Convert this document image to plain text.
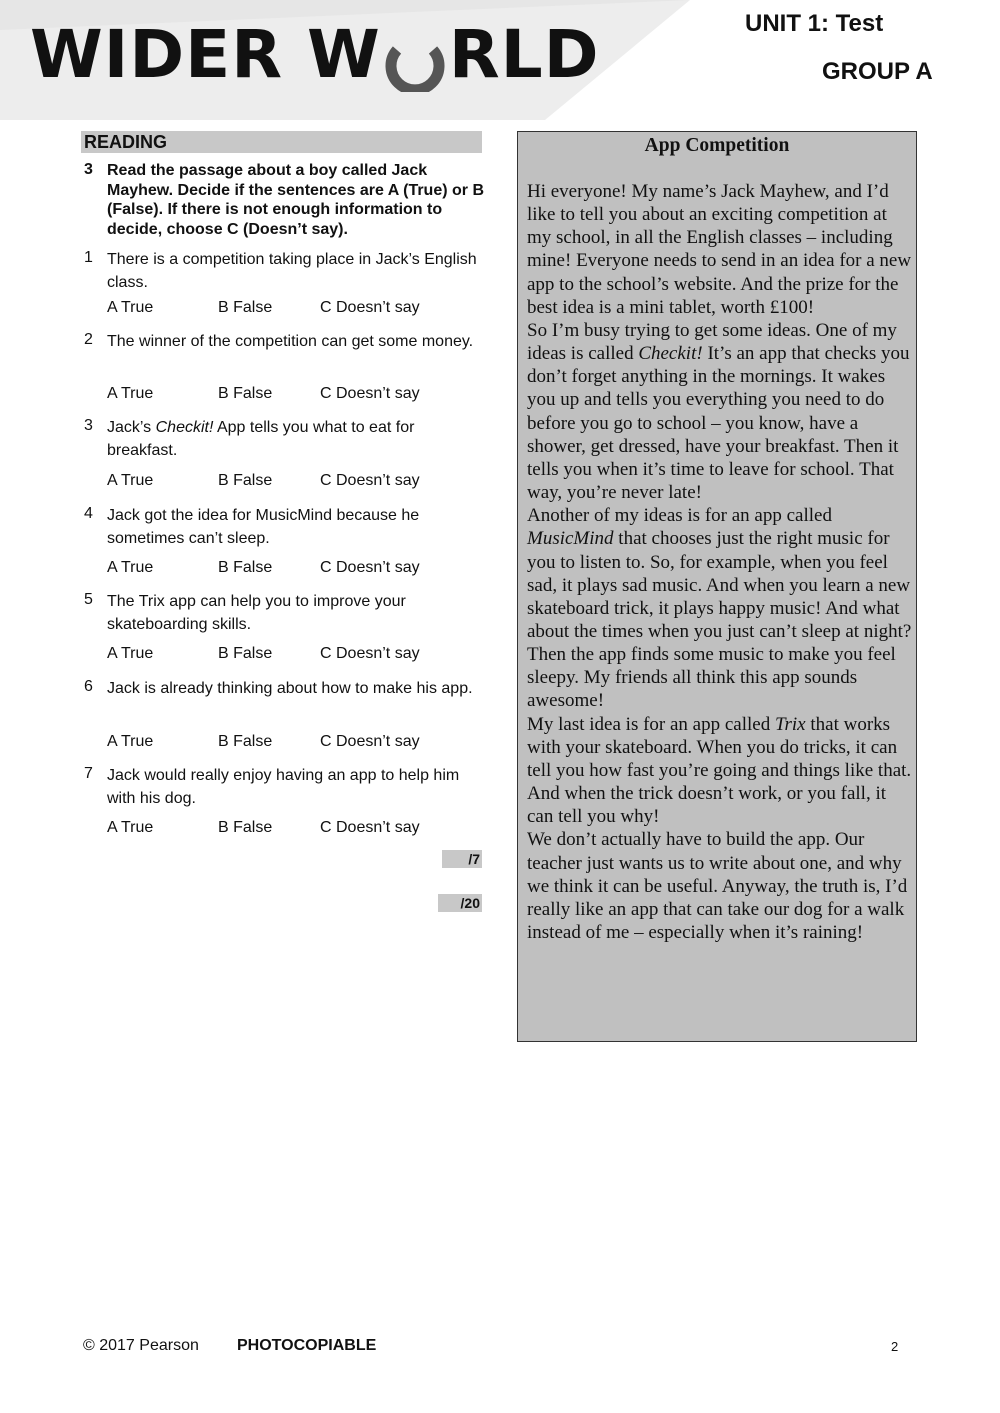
WIDER W RLD	UNIT 1: Test
GROUP A
READING
3 Read the passage about a boy called Jack Mayhew. Decide if the sentences are A (True) or B (False). If there is not enough information to decide, choose C (Doesn’t say).
1 There is a competition taking place in Jack’s English class.
A True	B False	C Doesn’t say
2 The winner of the competition can get some money.
A True	B False	C Doesn’t say
3 Jack’s Checkit! App tells you what to eat for breakfast.
A True	B False	C Doesn’t say
4 Jack got the idea for MusicMind because he sometimes can’t sleep.
A True	B False	C Doesn’t say
5 The Trix app can help you to improve your skateboarding skills.
A True	B False	C Doesn’t say
6 Jack is already thinking about how to make his app.
A True	B False	C Doesn’t say
7 Jack would really enjoy having an app to help him with his dog.
A True	B False	C Doesn’t say
/7
/20
App Competition

Hi everyone! My name’s Jack Mayhew, and I’d like to tell you about an exciting competition at my school, in all the English classes – including mine! Everyone needs to send in an idea for a new app to the school’s website. And the prize for the best idea is a mini tablet, worth £100!

So I’m busy trying to get some ideas. One of my ideas is called Checkit! It’s an app that checks you don’t forget anything in the mornings. It wakes you up and tells you everything you need to do before you go to school – you know, have a shower, get dressed, have your breakfast. Then it tells you when it’s time to leave for school. That way, you’re never late!

Another of my ideas is for an app called MusicMind that chooses just the right music for you to listen to. So, for example, when you feel sad, it plays sad music. And when you learn a new skateboard trick, it plays happy music! And what about the times when you just can’t sleep at night? Then the app finds some music to make you feel sleepy. My friends all think this app sounds awesome!

My last idea is for an app called Trix that works with your skateboard. When you do tricks, it can tell you how fast you’re going and things like that. And when the trick doesn’t work, or you fall, it can tell you why!

We don’t actually have to build the app. Our teacher just wants us to write about one, and why we think it can be useful. Anyway, the truth is, I’d really like an app that can take our dog for a walk instead of me – especially when it’s raining!

© 2017 Pearson PHOTOCOPIABLE	2
